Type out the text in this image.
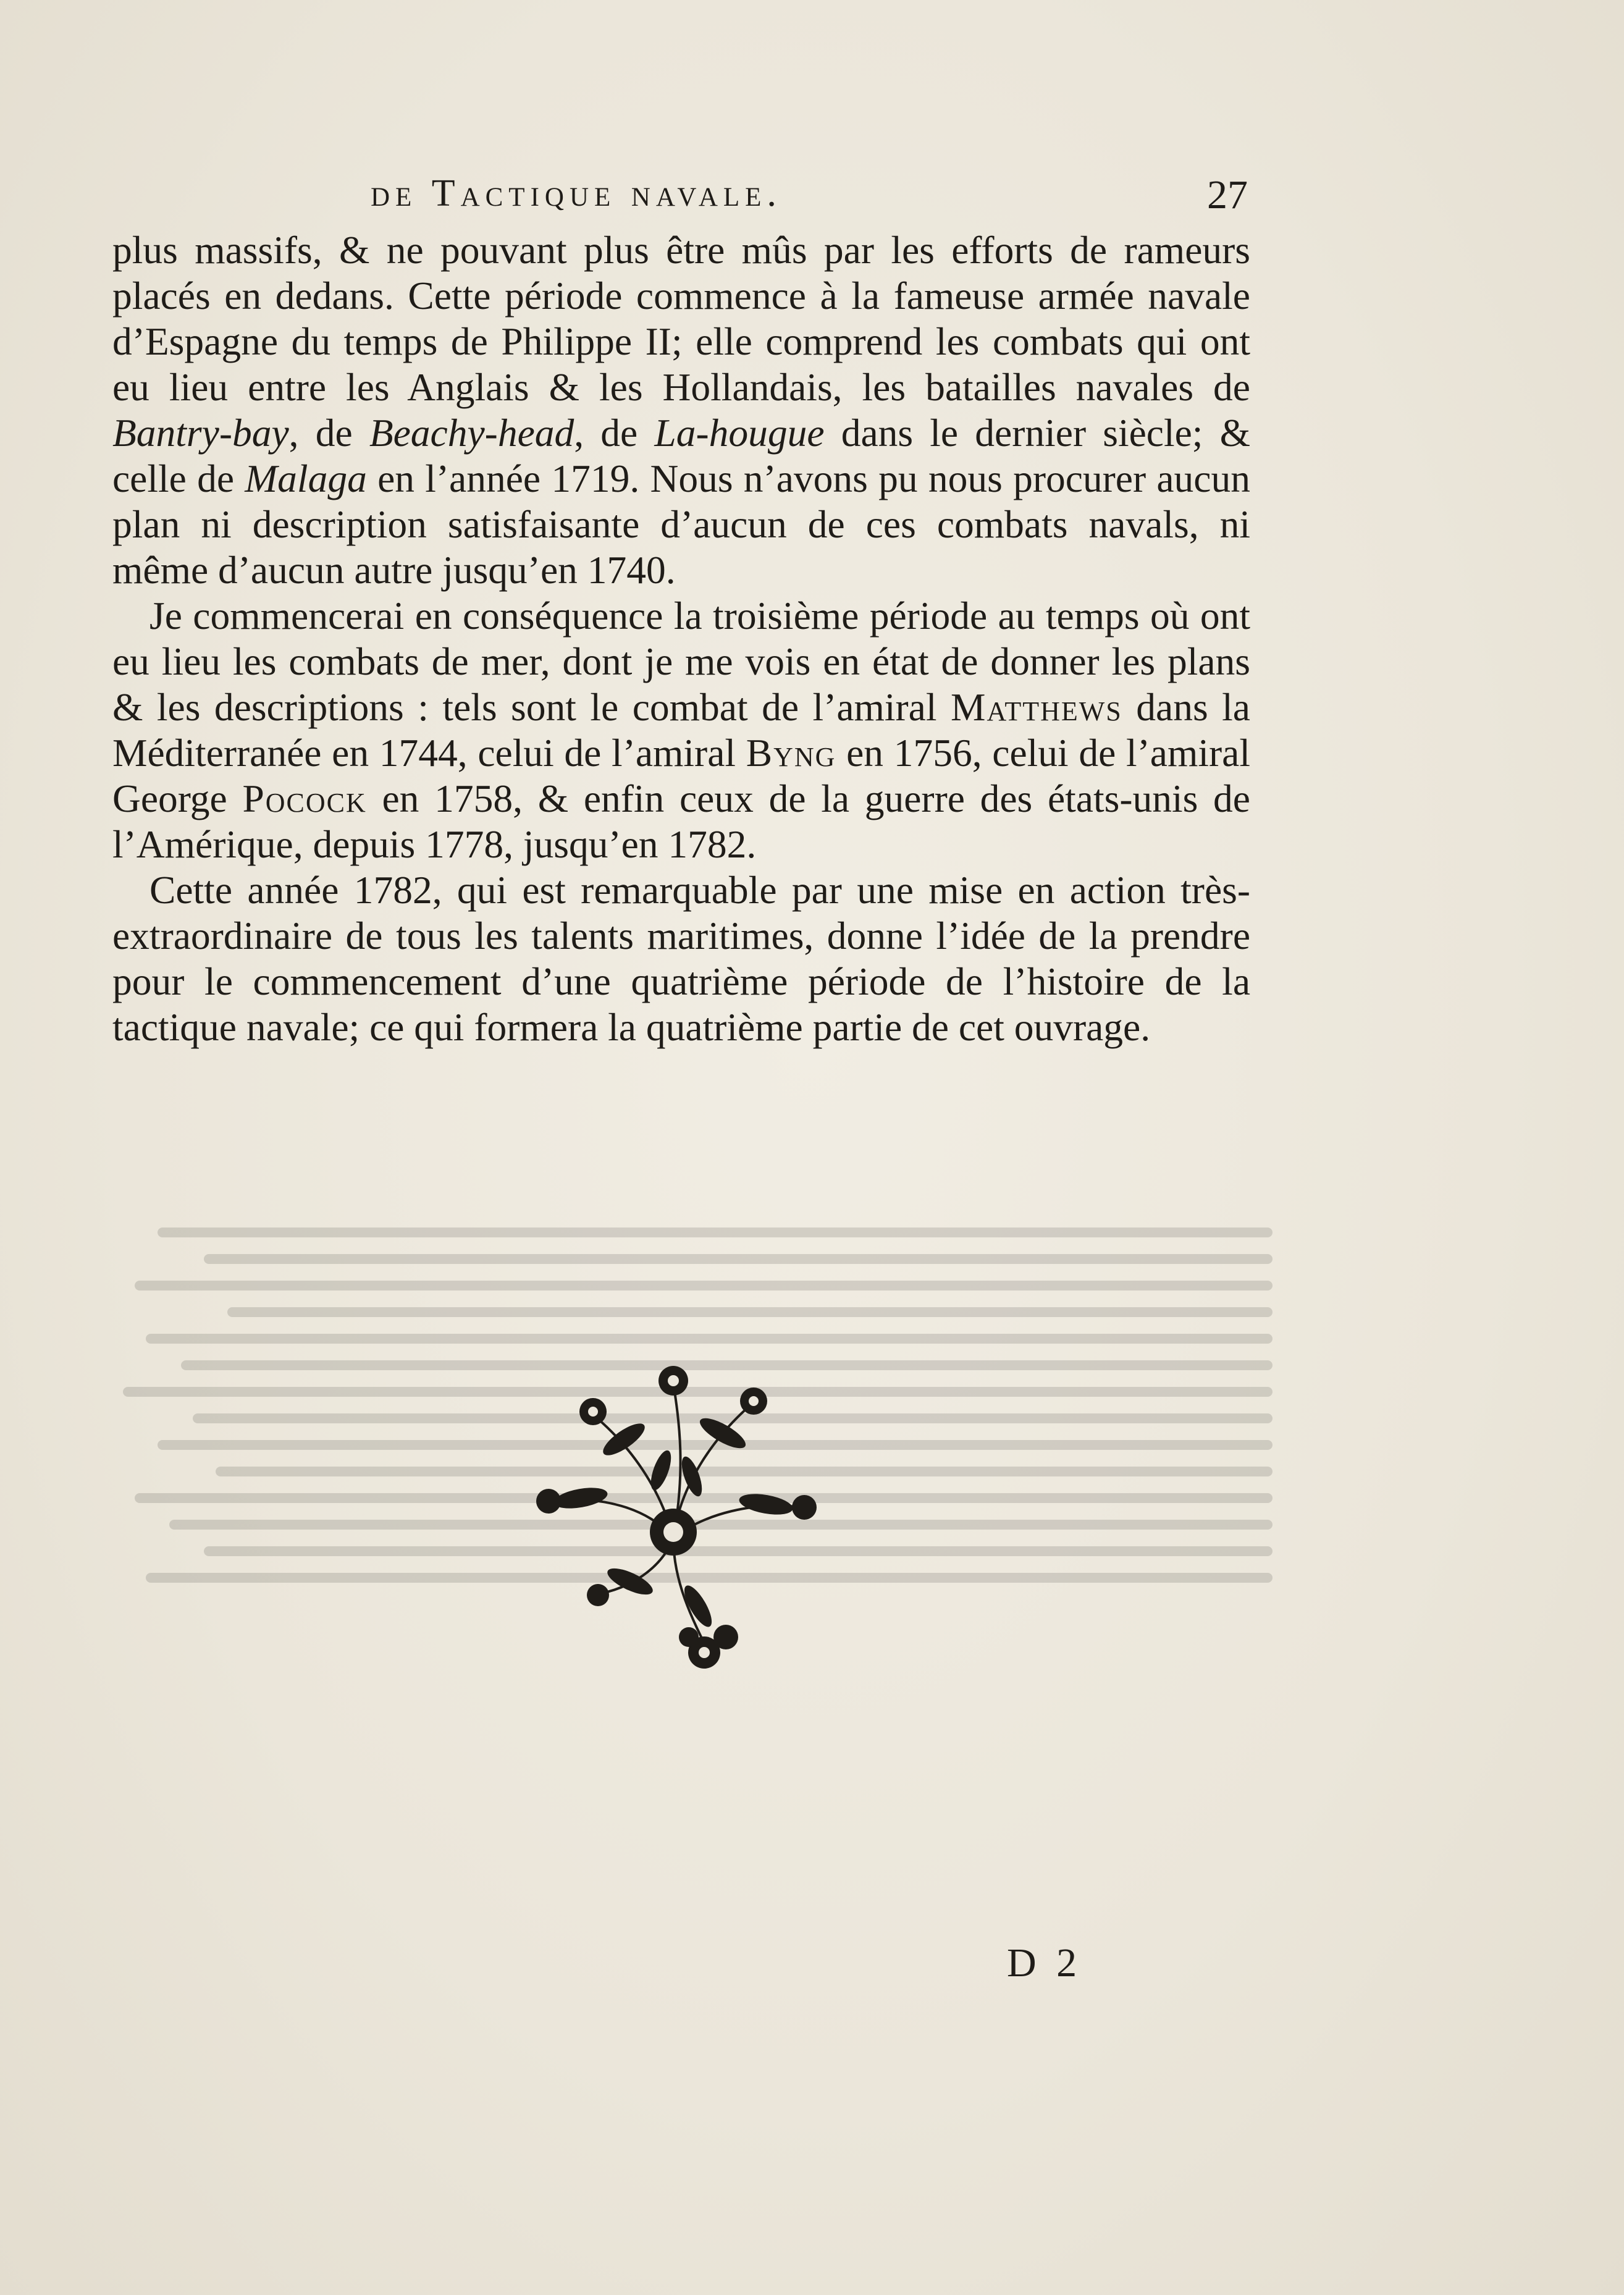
de Tactique navale.	27

plus massifs, & ne pouvant plus être mûs par les efforts de rameurs placés en dedans. Cette période commence à la fameuse armée navale d’Espagne du temps de Philippe II; elle comprend les combats qui ont eu lieu entre les Anglais & les Hollandais, les batailles navales de Bantry-bay, de Beachy-head, de La-hougue dans le dernier siècle; & celle de Malaga en l’année 1719. Nous n’avons pu nous procurer aucun plan ni description satisfaisante d’aucun de ces combats navals, ni même d’aucun autre jusqu’en 1740.

Je commencerai en conséquence la troisième période au temps où ont eu lieu les combats de mer, dont je me vois en état de donner les plans & les descriptions : tels sont le combat de l’amiral Matthews dans la Méditerranée en 1744, celui de l’amiral Byng en 1756, celui de l’amiral George Pocock en 1758, & enfin ceux de la guerre des états-unis de l’Amérique, depuis 1778, jusqu’en 1782.

Cette année 1782, qui est remarquable par une mise en action très-extraordinaire de tous les talents maritimes, donne l’idée de la prendre pour le commencement d’une quatrième période de l’histoire de la tactique navale; ce qui formera la quatrième partie de cet ouvrage.

D 2
